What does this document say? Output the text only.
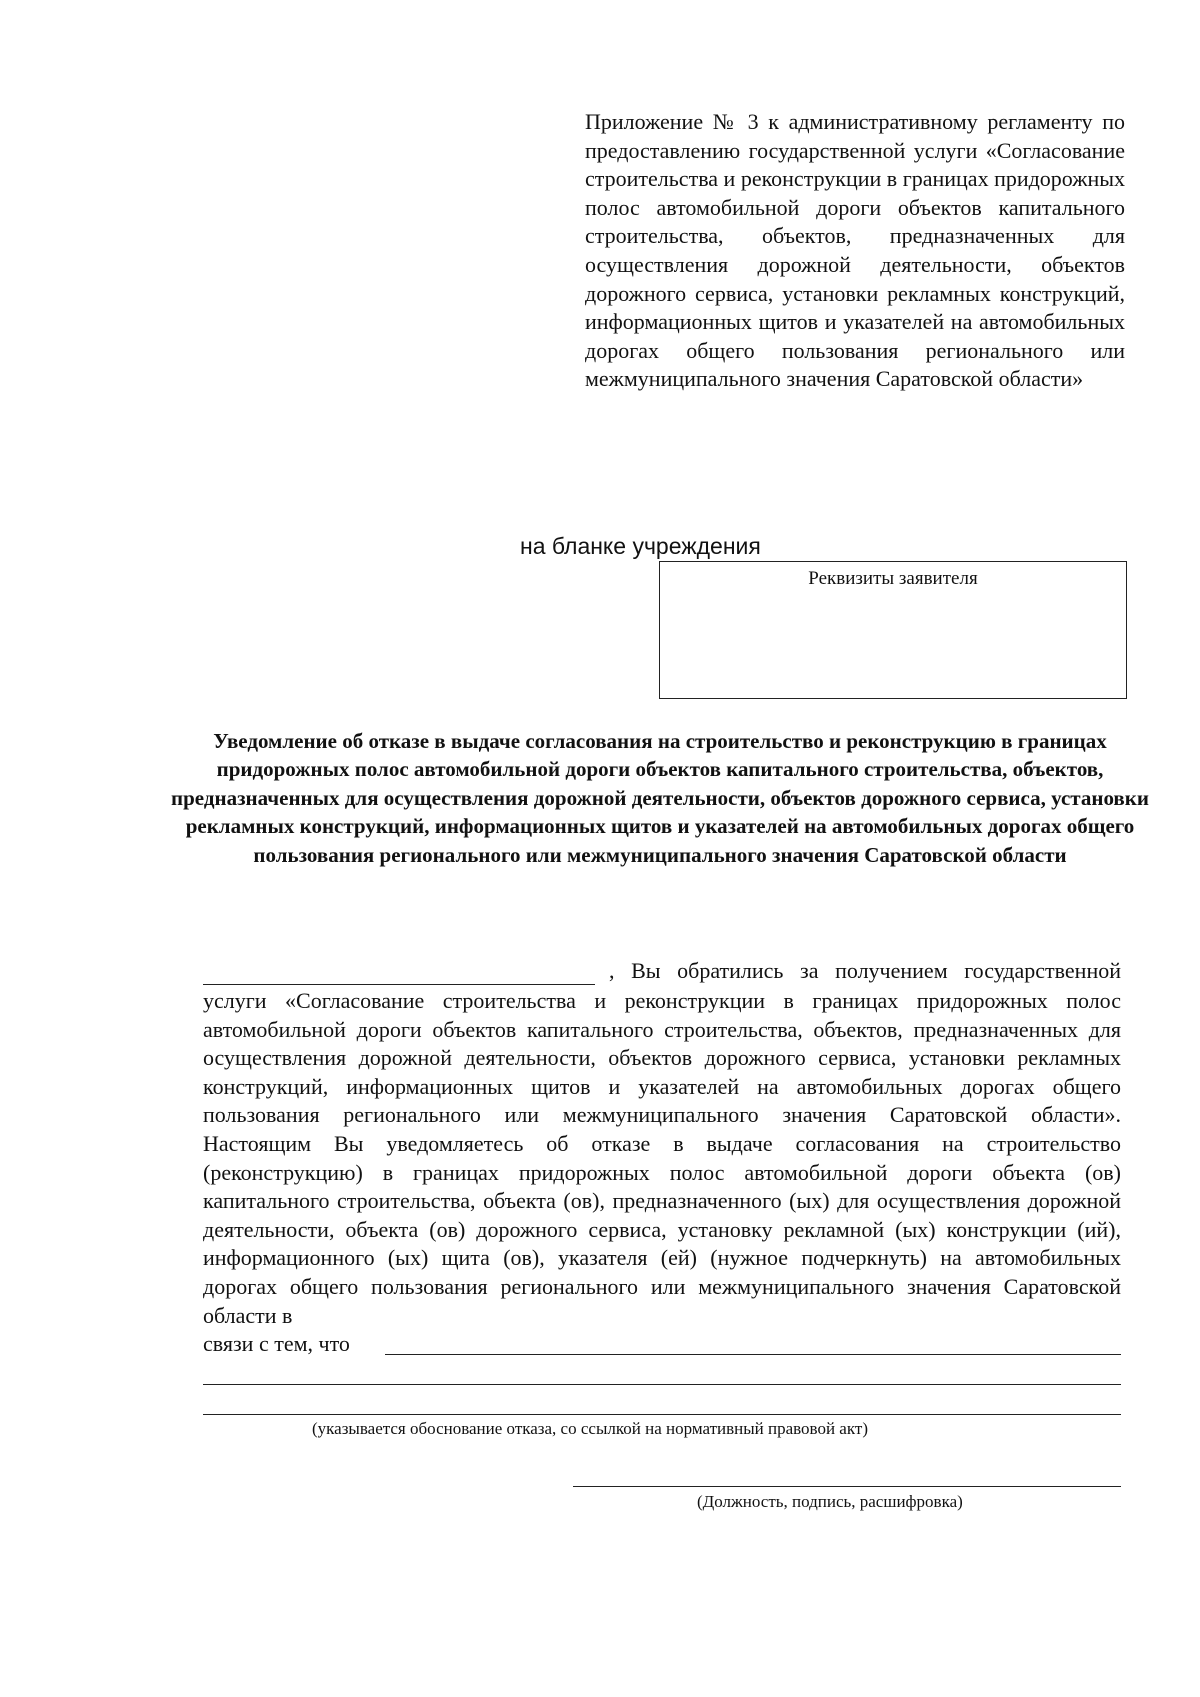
Приложение № 3 к административному регламенту по предоставлению государственной услуги «Согласование строительства и реконструкции в границах придорожных полос автомобильной дороги объектов капитального строительства, объектов, предназначенных для осуществления дорожной деятельности, объектов дорожного сервиса, установки рекламных конструкций, информационных щитов и указателей на автомобильных дорогах общего пользования регионального или межмуниципального значения Саратовской области»
на бланке учреждения
Реквизиты заявителя
Уведомление об отказе в выдаче согласования на строительство и реконструкцию в границах придорожных полос автомобильной дороги объектов капитального строительства, объектов, предназначенных для осуществления дорожной деятельности, объектов дорожного сервиса, установки рекламных конструкций, информационных щитов и указателей на автомобильных дорогах общего пользования регионального или межмуниципального значения Саратовской области
, Вы обратились за получением государственной
услуги «Согласование строительства и реконструкции в границах придорожных полос автомобильной дороги объектов капитального строительства, объектов, предназначенных для осуществления дорожной деятельности, объектов дорожного сервиса, установки рекламных конструкций, информационных щитов и указателей на автомобильных дорогах общего пользования регионального или межмуниципального значения Саратовской области». Настоящим Вы уведомляетесь об отказе в выдаче согласования на строительство (реконструкцию) в границах придорожных полос автомобильной дороги объекта (ов) капитального строительства, объекта (ов), предназначенного (ых) для осуществления дорожной деятельности, объекта (ов) дорожного сервиса, установку рекламной (ых) конструкции (ий), информационного (ых) щита (ов), указателя (ей) (нужное подчеркнуть) на автомобильных дорогах общего пользования регионального или межмуниципального значения Саратовской области в
связи с тем, что
(указывается обоснование отказа, со ссылкой на нормативный правовой акт)
(Должность, подпись, расшифровка)
